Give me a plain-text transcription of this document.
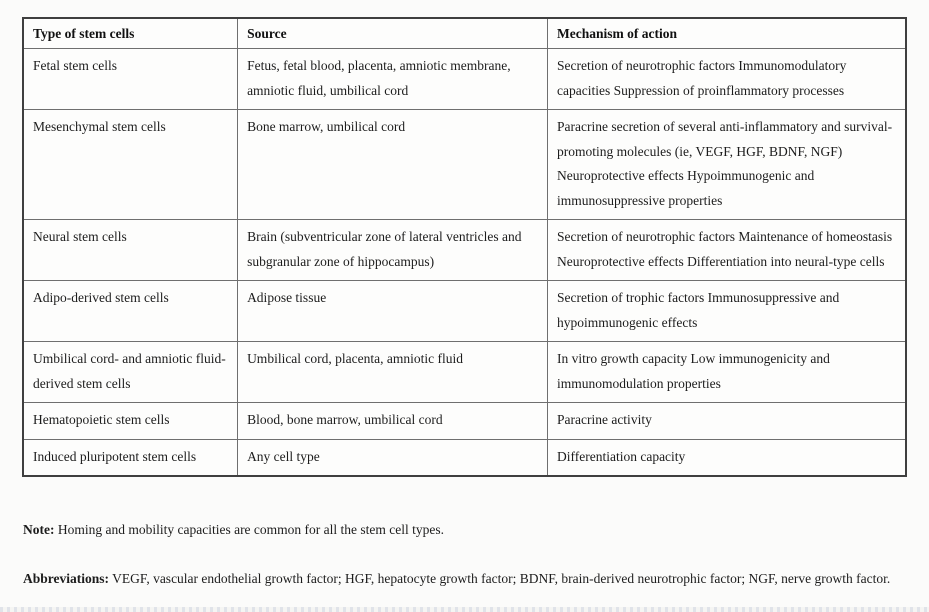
Type of stem cells	Source	Mechanism of action
Fetal stem cells	Fetus, fetal blood, placenta, amniotic membrane, amniotic fluid, umbilical cord	Secretion of neurotrophic factors Immunomodulatory capacities Suppression of proinflammatory processes
Mesenchymal stem cells	Bone marrow, umbilical cord	Paracrine secretion of several anti-inflammatory and survival-promoting molecules (ie, VEGF, HGF, BDNF, NGF) Neuroprotective effects Hypoimmunogenic and immunosuppressive properties
Neural stem cells	Brain (subventricular zone of lateral ventricles and subgranular zone of hippocampus)	Secretion of neurotrophic factors Maintenance of homeostasis Neuroprotective effects Differentiation into neural-type cells
Adipo-derived stem cells	Adipose tissue	Secretion of trophic factors Immunosuppressive and hypoimmunogenic effects
Umbilical cord- and amniotic fluid-derived stem cells	Umbilical cord, placenta, amniotic fluid	In vitro growth capacity Low immunogenicity and immunomodulation properties
Hematopoietic stem cells	Blood, bone marrow, umbilical cord	Paracrine activity
Induced pluripotent stem cells	Any cell type	Differentiation capacity
Note: Homing and mobility capacities are common for all the stem cell types.
Abbreviations: VEGF, vascular endothelial growth factor; HGF, hepatocyte growth factor; BDNF, brain-derived neurotrophic factor; NGF, nerve growth factor.
